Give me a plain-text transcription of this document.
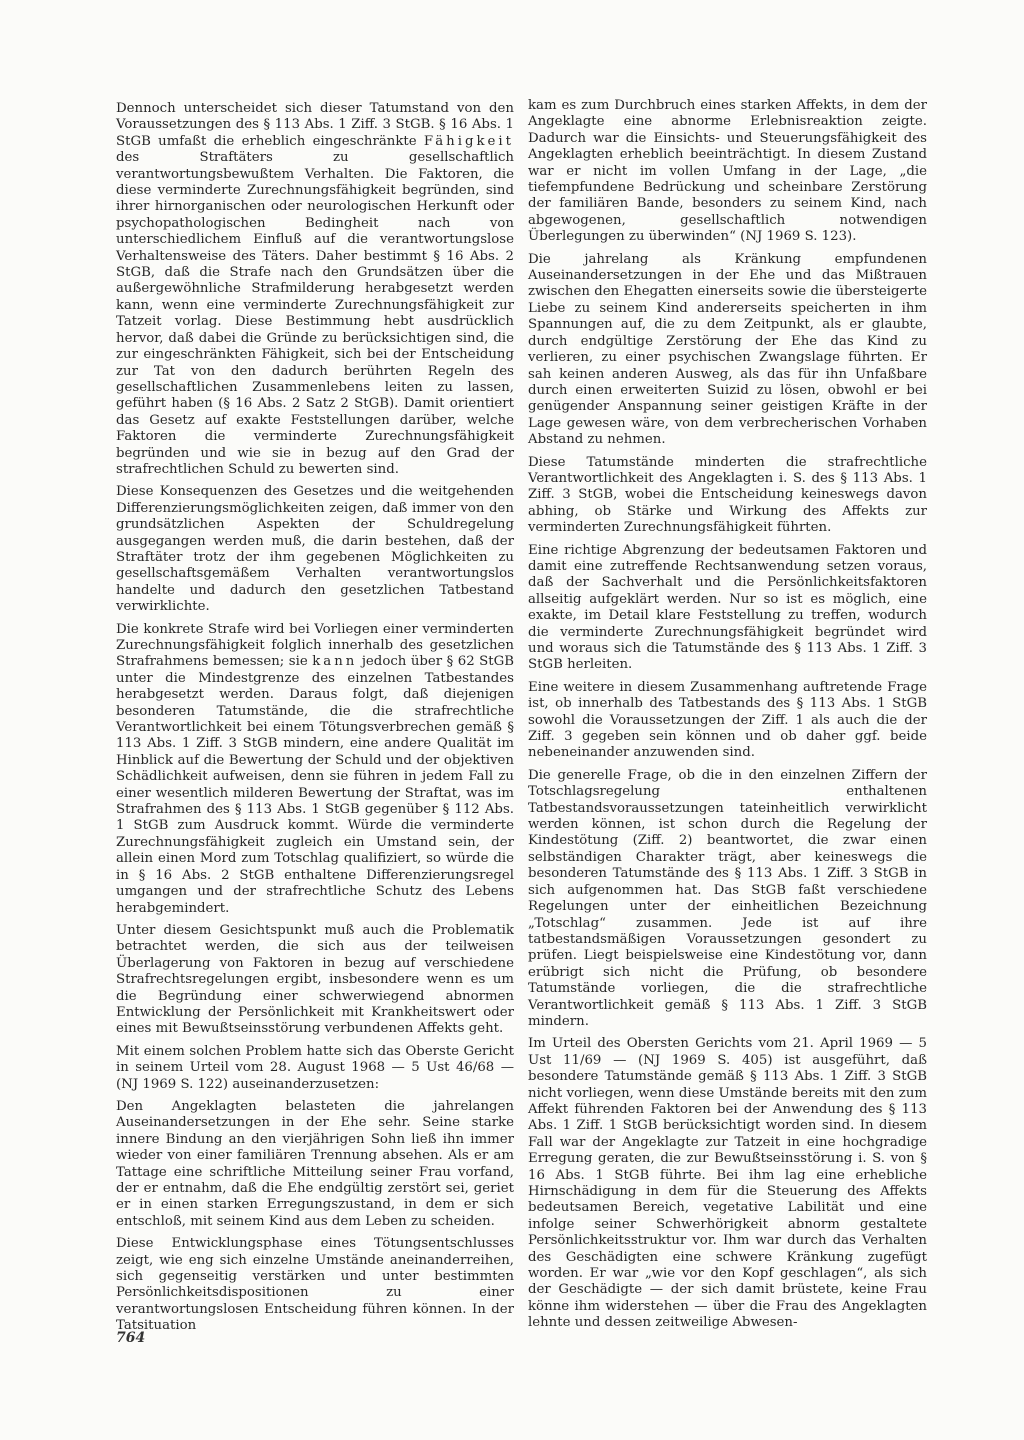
Dennoch unterscheidet sich dieser Tatumstand von den Voraussetzungen des § 113 Abs. 1 Ziff. 3 StGB. § 16 Abs. 1 StGB umfaßt die erheblich eingeschränkte Fähigkeit des Straftäters zu gesellschaftlich verantwortungsbewußtem Verhalten. Die Faktoren, die diese verminderte Zurechnungsfähigkeit begründen, sind ihrer hirnorganischen oder neurologischen Herkunft oder psychopathologischen Bedingheit nach von unterschiedlichem Einfluß auf die verantwortungslose Verhaltensweise des Täters. Daher bestimmt § 16 Abs. 2 StGB, daß die Strafe nach den Grundsätzen über die außergewöhnliche Strafmilderung herabgesetzt werden kann, wenn eine verminderte Zurechnungsfähigkeit zur Tatzeit vorlag. Diese Bestimmung hebt ausdrücklich hervor, daß dabei die Gründe zu berücksichtigen sind, die zur eingeschränkten Fähigkeit, sich bei der Entscheidung zur Tat von den dadurch berührten Regeln des gesellschaftlichen Zusammenlebens leiten zu lassen, geführt haben (§ 16 Abs. 2 Satz 2 StGB). Damit orientiert das Gesetz auf exakte Feststellungen darüber, welche Faktoren die verminderte Zurechnungsfähigkeit begründen und wie sie in bezug auf den Grad der strafrechtlichen Schuld zu bewerten sind.

Diese Konsequenzen des Gesetzes und die weitgehenden Differenzierungsmöglichkeiten zeigen, daß immer von den grundsätzlichen Aspekten der Schuldregelung ausgegangen werden muß, die darin bestehen, daß der Straftäter trotz der ihm gegebenen Möglichkeiten zu gesellschaftsgemäßem Verhalten verantwortungslos handelte und dadurch den gesetzlichen Tatbestand verwirklichte.

Die konkrete Strafe wird bei Vorliegen einer verminderten Zurechnungsfähigkeit folglich innerhalb des gesetzlichen Strafrahmens bemessen; sie kann jedoch über § 62 StGB unter die Mindestgrenze des einzelnen Tatbestandes herabgesetzt werden. Daraus folgt, daß diejenigen besonderen Tatumstände, die die strafrechtliche Verantwortlichkeit bei einem Tötungsverbrechen gemäß § 113 Abs. 1 Ziff. 3 StGB mindern, eine andere Qualität im Hinblick auf die Bewertung der Schuld und der objektiven Schädlichkeit aufweisen, denn sie führen in jedem Fall zu einer wesentlich milderen Bewertung der Straftat, was im Strafrahmen des § 113 Abs. 1 StGB gegenüber § 112 Abs. 1 StGB zum Ausdruck kommt. Würde die verminderte Zurechnungsfähigkeit zugleich ein Umstand sein, der allein einen Mord zum Totschlag qualifiziert, so würde die in § 16 Abs. 2 StGB enthaltene Differenzierungsregel umgangen und der strafrechtliche Schutz des Lebens herabgemindert.

Unter diesem Gesichtspunkt muß auch die Problematik betrachtet werden, die sich aus der teilweisen Überlagerung von Faktoren in bezug auf verschiedene Strafrechtsregelungen ergibt, insbesondere wenn es um die Begründung einer schwerwiegend abnormen Entwicklung der Persönlichkeit mit Krankheitswert oder eines mit Bewußtseinsstörung verbundenen Affekts geht.

Mit einem solchen Problem hatte sich das Oberste Gericht in seinem Urteil vom 28. August 1968 — 5 Ust 46/68 — (NJ 1969 S. 122) auseinanderzusetzen:

Den Angeklagten belasteten die jahrelangen Auseinandersetzungen in der Ehe sehr. Seine starke innere Bindung an den vierjährigen Sohn ließ ihn immer wieder von einer familiären Trennung absehen. Als er am Tattage eine schriftliche Mitteilung seiner Frau vorfand, der er entnahm, daß die Ehe endgültig zerstört sei, geriet er in einen starken Erregungszustand, in dem er sich entschloß, mit seinem Kind aus dem Leben zu scheiden.

Diese Entwicklungsphase eines Tötungsentschlusses zeigt, wie eng sich einzelne Umstände aneinanderreihen, sich gegenseitig verstärken und unter bestimmten Persönlichkeitsdispositionen zu einer verantwortungslosen Entscheidung führen können. In der Tatsituation

kam es zum Durchbruch eines starken Affekts, in dem der Angeklagte eine abnorme Erlebnisreaktion zeigte. Dadurch war die Einsichts- und Steuerungsfähigkeit des Angeklagten erheblich beeinträchtigt. In diesem Zustand war er nicht im vollen Umfang in der Lage, „die tiefempfundene Bedrückung und scheinbare Zerstörung der familiären Bande, besonders zu seinem Kind, nach abgewogenen, gesellschaftlich notwendigen Überlegungen zu überwinden“ (NJ 1969 S. 123).

Die jahrelang als Kränkung empfundenen Auseinandersetzungen in der Ehe und das Mißtrauen zwischen den Ehegatten einerseits sowie die übersteigerte Liebe zu seinem Kind andererseits speicherten in ihm Spannungen auf, die zu dem Zeitpunkt, als er glaubte, durch endgültige Zerstörung der Ehe das Kind zu verlieren, zu einer psychischen Zwangslage führten. Er sah keinen anderen Ausweg, als das für ihn Unfaßbare durch einen erweiterten Suizid zu lösen, obwohl er bei genügender Anspannung seiner geistigen Kräfte in der Lage gewesen wäre, von dem verbrecherischen Vorhaben Abstand zu nehmen.

Diese Tatumstände minderten die strafrechtliche Verantwortlichkeit des Angeklagten i. S. des § 113 Abs. 1 Ziff. 3 StGB, wobei die Entscheidung keineswegs davon abhing, ob Stärke und Wirkung des Affekts zur verminderten Zurechnungsfähigkeit führten.

Eine richtige Abgrenzung der bedeutsamen Faktoren und damit eine zutreffende Rechtsanwendung setzen voraus, daß der Sachverhalt und die Persönlichkeitsfaktoren allseitig aufgeklärt werden. Nur so ist es möglich, eine exakte, im Detail klare Feststellung zu treffen, wodurch die verminderte Zurechnungsfähigkeit begründet wird und woraus sich die Tatumstände des § 113 Abs. 1 Ziff. 3 StGB herleiten.

Eine weitere in diesem Zusammenhang auftretende Frage ist, ob innerhalb des Tatbestands des § 113 Abs. 1 StGB sowohl die Voraussetzungen der Ziff. 1 als auch die der Ziff. 3 gegeben sein können und ob daher ggf. beide nebeneinander anzuwenden sind.

Die generelle Frage, ob die in den einzelnen Ziffern der Totschlagsregelung enthaltenen Tatbestandsvoraussetzungen tateinheitlich verwirklicht werden können, ist schon durch die Regelung der Kindestötung (Ziff. 2) beantwortet, die zwar einen selbständigen Charakter trägt, aber keineswegs die besonderen Tatumstände des § 113 Abs. 1 Ziff. 3 StGB in sich aufgenommen hat. Das StGB faßt verschiedene Regelungen unter der einheitlichen Bezeichnung „Totschlag“ zusammen. Jede ist auf ihre tatbestandsmäßigen Voraussetzungen gesondert zu prüfen. Liegt beispielsweise eine Kindestötung vor, dann erübrigt sich nicht die Prüfung, ob besondere Tatumstände vorliegen, die die strafrechtliche Verantwortlichkeit gemäß § 113 Abs. 1 Ziff. 3 StGB mindern.

Im Urteil des Obersten Gerichts vom 21. April 1969 — 5 Ust 11/69 — (NJ 1969 S. 405) ist ausgeführt, daß besondere Tatumstände gemäß § 113 Abs. 1 Ziff. 3 StGB nicht vorliegen, wenn diese Umstände bereits mit den zum Affekt führenden Faktoren bei der Anwendung des § 113 Abs. 1 Ziff. 1 StGB berücksichtigt worden sind. In diesem Fall war der Angeklagte zur Tatzeit in eine hochgradige Erregung geraten, die zur Bewußtseinsstörung i. S. von § 16 Abs. 1 StGB führte. Bei ihm lag eine erhebliche Hirnschädigung in dem für die Steuerung des Affekts bedeutsamen Bereich, vegetative Labilität und eine infolge seiner Schwerhörigkeit abnorm gestaltete Persönlichkeitsstruktur vor. Ihm war durch das Verhalten des Geschädigten eine schwere Kränkung zugefügt worden. Er war „wie vor den Kopf geschlagen“, als sich der Geschädigte — der sich damit brüstete, keine Frau könne ihm widerstehen — über die Frau des Angeklagten lehnte und dessen zeitweilige Abwesen-

764
